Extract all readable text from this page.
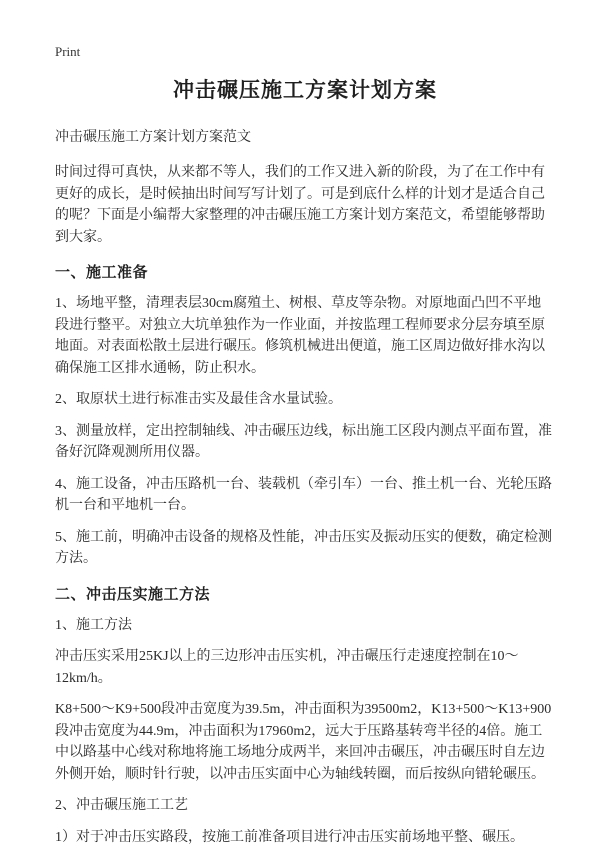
Print
冲击碾压施工方案计划方案

冲击碾压施工方案计划方案范文

时间过得可真快，从来都不等人，我们的工作又进入新的阶段，为了在工作中有更好的成长，是时候抽出时间写写计划了。可是到底什么样的计划才是适合自己的呢？下面是小编帮大家整理的冲击碾压施工方案计划方案范文，希望能够帮助到大家。

一、施工准备

1、场地平整，清理表层30cm腐殖土、树根、草皮等杂物。对原地面凸凹不平地段进行整平。对独立大坑单独作为一作业面，并按监理工程师要求分层夯填至原地面。对表面松散土层进行碾压。修筑机械进出便道，施工区周边做好排水沟以确保施工区排水通畅，防止积水。

2、取原状土进行标准击实及最佳含水量试验。

3、测量放样，定出控制轴线、冲击碾压边线，标出施工区段内测点平面布置，准备好沉降观测所用仪器。

4、施工设备，冲击压路机一台、装载机（牵引车）一台、推土机一台、光轮压路机一台和平地机一台。

5、施工前，明确冲击设备的规格及性能，冲击压实及振动压实的便数，确定检测方法。

二、冲击压实施工方法

1、施工方法

冲击压实采用25KJ以上的三边形冲击压实机，冲击碾压行走速度控制在10～12km/h。

K8+500～K9+500段冲击宽度为39.5m，冲击面积为39500m2，K13+500～K13+900段冲击宽度为44.9m，冲击面积为17960m2，远大于压路基转弯半径的4倍。施工中以路基中心线对称地将施工场地分成两半，来回冲击碾压，冲击碾压时自左边外侧开始，顺时针行驶，以冲击压实面中心为轴线转圈，而后按纵向错轮碾压。

2、冲击碾压施工工艺

1）对于冲击压实路段，按施工前准备项目进行冲击压实前场地平整、碾压。
